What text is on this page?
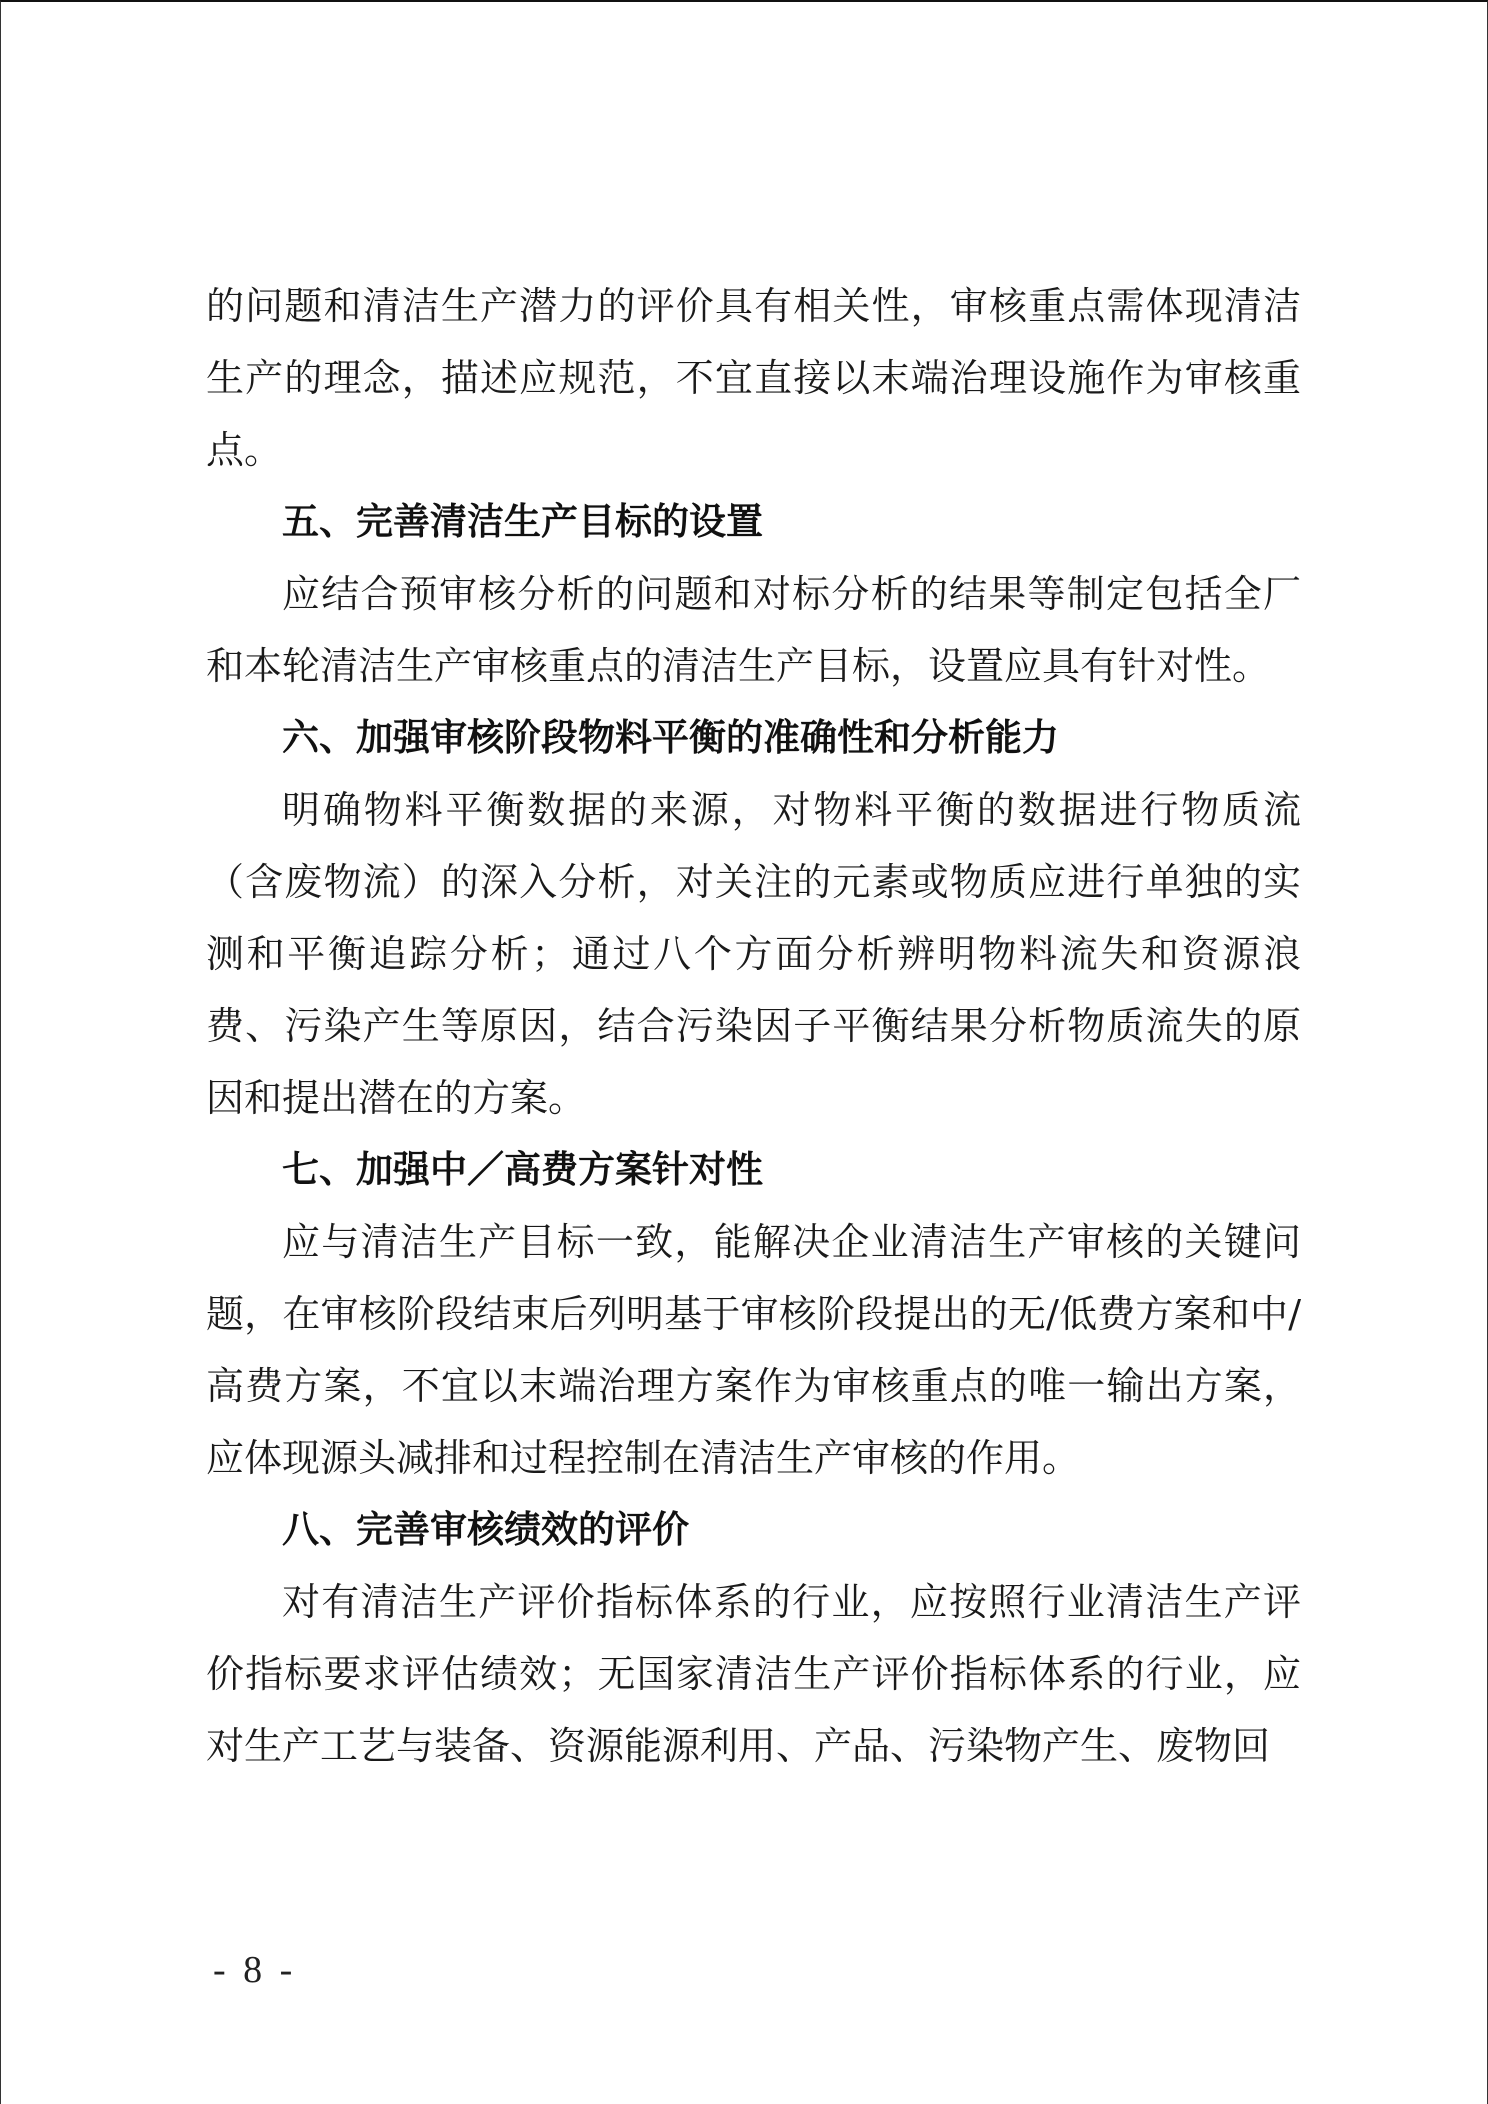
的问题和清洁生产潜力的评价具有相关性，审核重点需体现清洁生产的理念，描述应规范，不宜直接以末端治理设施作为审核重点。

五、完善清洁生产目标的设置

应结合预审核分析的问题和对标分析的结果等制定包括全厂和本轮清洁生产审核重点的清洁生产目标，设置应具有针对性。

六、加强审核阶段物料平衡的准确性和分析能力

明确物料平衡数据的来源，对物料平衡的数据进行物质流（含废物流）的深入分析，对关注的元素或物质应进行单独的实测和平衡追踪分析；通过八个方面分析辨明物料流失和资源浪费、污染产生等原因，结合污染因子平衡结果分析物质流失的原因和提出潜在的方案。

七、加强中／高费方案针对性

应与清洁生产目标一致，能解决企业清洁生产审核的关键问题，在审核阶段结束后列明基于审核阶段提出的无/低费方案和中/高费方案，不宜以末端治理方案作为审核重点的唯一输出方案，应体现源头减排和过程控制在清洁生产审核的作用。

八、完善审核绩效的评价

对有清洁生产评价指标体系的行业，应按照行业清洁生产评价指标要求评估绩效；无国家清洁生产评价指标体系的行业，应对生产工艺与装备、资源能源利用、产品、污染物产生、废物回

- 8 -
